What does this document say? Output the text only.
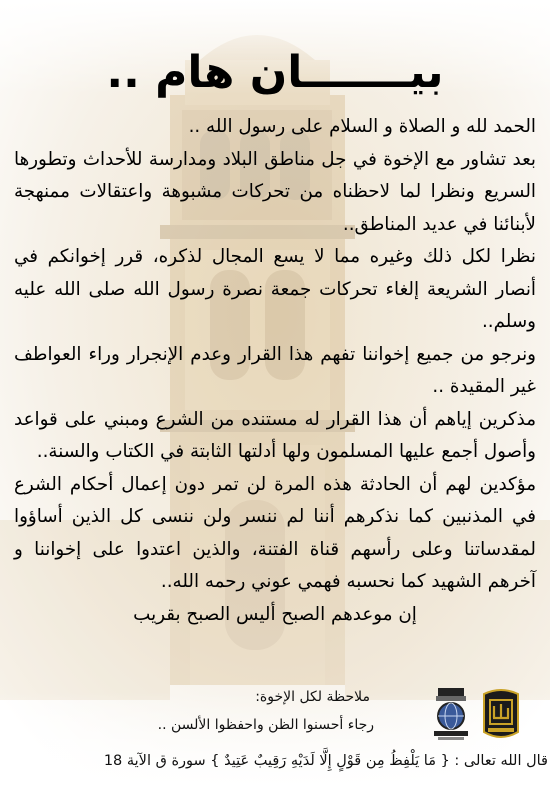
بيـــــــان هام ..

الحمد لله و الصلاة و السلام على رسول الله ..

بعد تشاور مع الإخوة في جل مناطق البلاد ومدارسة للأحداث وتطورها السريع ونظرا لما لاحظناه من تحركات مشبوهة واعتقالات ممنهجة لأبنائنا في عديد المناطق..

نظرا لكل ذلك وغيره مما لا يسع المجال لذكره، قرر إخوانكم في أنصار الشريعة إلغاء تحركات جمعة نصرة رسول الله صلى الله عليه وسلم..

ونرجو من جميع إخواننا تفهم هذا القرار وعدم الإنجرار وراء العواطف غير المقيدة ..

مذكرين إياهم أن هذا القرار له مستنده من الشرع ومبني على قواعد وأصول أجمع عليها المسلمون ولها أدلتها الثابتة في الكتاب والسنة..

مؤكدين لهم أن الحادثة هذه المرة لن تمر دون إعمال أحكام الشرع في المذنبين كما نذكرهم أننا لم ننسر ولن ننسى كل الذين أساؤوا لمقدساتنا وعلى رأسهم قناة الفتنة، والذين اعتدوا على إخواننا و آخرهم الشهيد كما نحسبه فهمي عوني رحمه الله..

إن موعدهم الصبح أليس الصبح بقريب

ملاحظة لكل الإخوة:
رجاء أحسنوا الظن واحفظوا الألسن ..
قال الله تعالى : { مَا يَلْفِظُ مِن قَوْلٍ إِلَّا لَدَيْهِ رَقِيبٌ عَتِيدٌ } سورة ق الآية 18
